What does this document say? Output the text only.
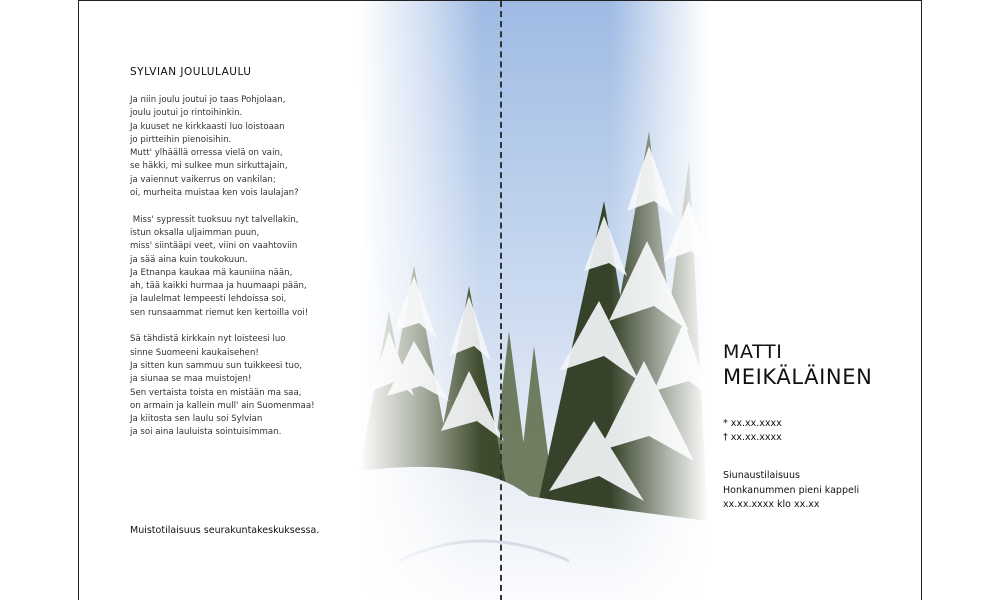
SYLVIAN JOULULAULU
Ja niin joulu joutui jo taas Pohjolaan,
joulu joutui jo rintoihinkin.
Ja kuuset ne kirkkaasti luo loistoaan
jo pirtteihin pienoisihin.
Mutt' ylhäällä orressa vielä on vain,
se häkki, mi sulkee mun sirkuttajain,
ja vaiennut vaikerrus on vankilan;
oi, murheita muistaa ken vois laulajan?
Miss' sypressit tuoksuu nyt talvellakin,
istun oksalla uljaimman puun,
miss' siintääpi veet, viini on vaahtoviin
ja sää aina kuin toukokuun.
Ja Etnanpa kaukaa mä kauniina nään,
ah, tää kaikki hurmaa ja huumaapi pään,
ja laulelmat lempeesti lehdoissa soi,
sen runsaammat riemut ken kertoilla voi!
Sä tähdistä kirkkain nyt loisteesi luo
sinne Suomeeni kaukaisehen!
Ja sitten kun sammuu sun tuikkeesi tuo,
ja siunaa se maa muistojen!
Sen vertaista toista en mistään ma saa,
on armain ja kallein mull' ain Suomenmaa!
Ja kiitosta sen laulu soi Sylvian
ja soi aina lauluista sointuisimman.
Muistotilaisuus seurakuntakeskuksessa.
MATTI
MEIKÄLÄINEN
* xx.xx.xxxx
† xx.xx.xxxx
Siunaustilaisuus
Honkanummen pieni kappeli
xx.xx.xxxx klo xx.xx
